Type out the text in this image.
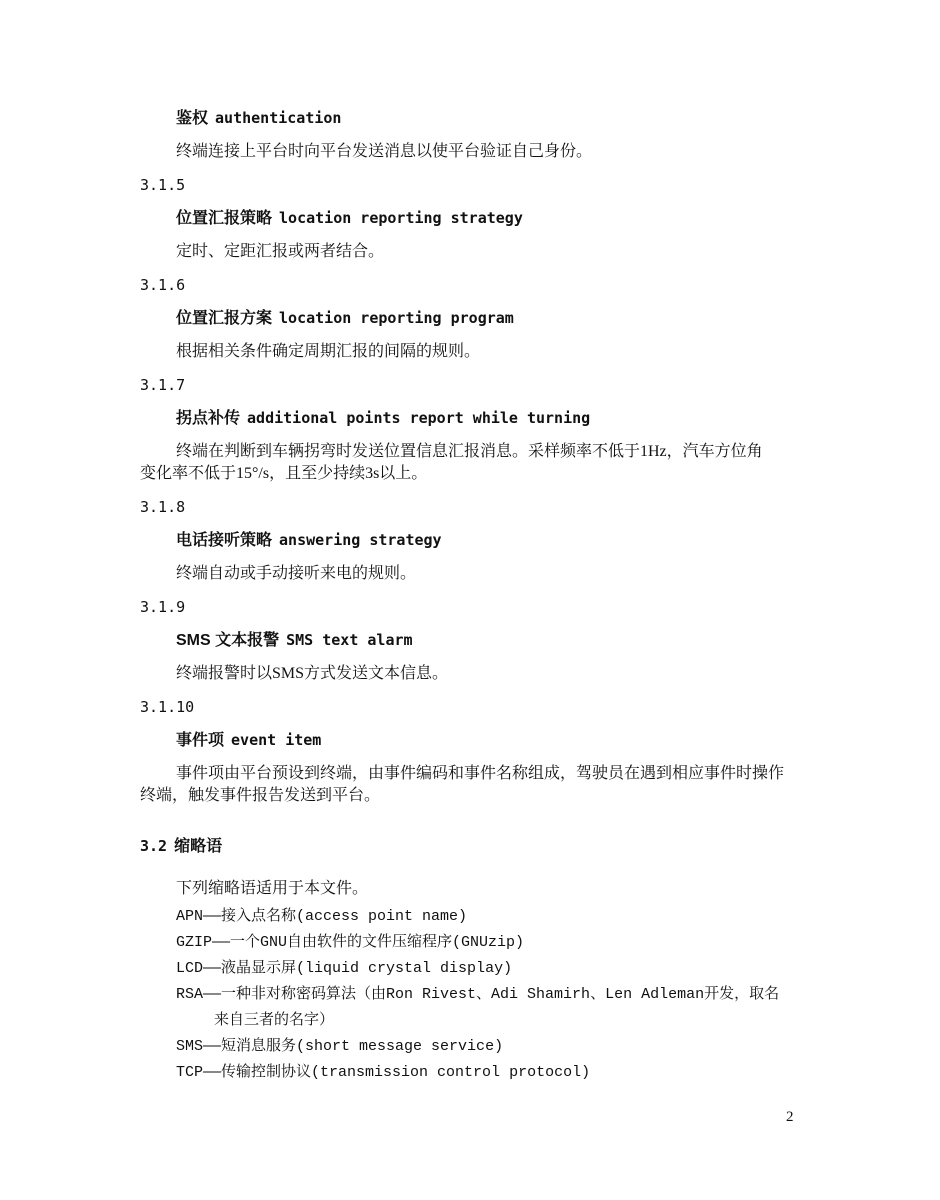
鉴权 authentication
终端连接上平台时向平台发送消息以使平台验证自己身份。
3.1.5
位置汇报策略 location reporting strategy
定时、定距汇报或两者结合。
3.1.6
位置汇报方案 location reporting program
根据相关条件确定周期汇报的间隔的规则。
3.1.7
拐点补传 additional points report while turning
终端在判断到车辆拐弯时发送位置信息汇报消息。采样频率不低于1Hz，汽车方位角
变化率不低于15°/s，且至少持续3s以上。
3.1.8
电话接听策略 answering strategy
终端自动或手动接听来电的规则。
3.1.9
SMS 文本报警 SMS text alarm
终端报警时以SMS方式发送文本信息。
3.1.10
事件项 event item
事件项由平台预设到终端，由事件编码和事件名称组成，驾驶员在遇到相应事件时操作
终端，触发事件报告发送到平台。
3.2 缩略语
下列缩略语适用于本文件。
APN——接入点名称(access point name)
GZIP——一个GNU自由软件的文件压缩程序(GNUzip)
LCD——液晶显示屏(liquid crystal display)
RSA——一种非对称密码算法（由Ron Rivest、Adi Shamirh、Len Adleman开发，取名
来自三者的名字）
SMS——短消息服务(short message service)
TCP——传输控制协议(transmission control protocol)
2
